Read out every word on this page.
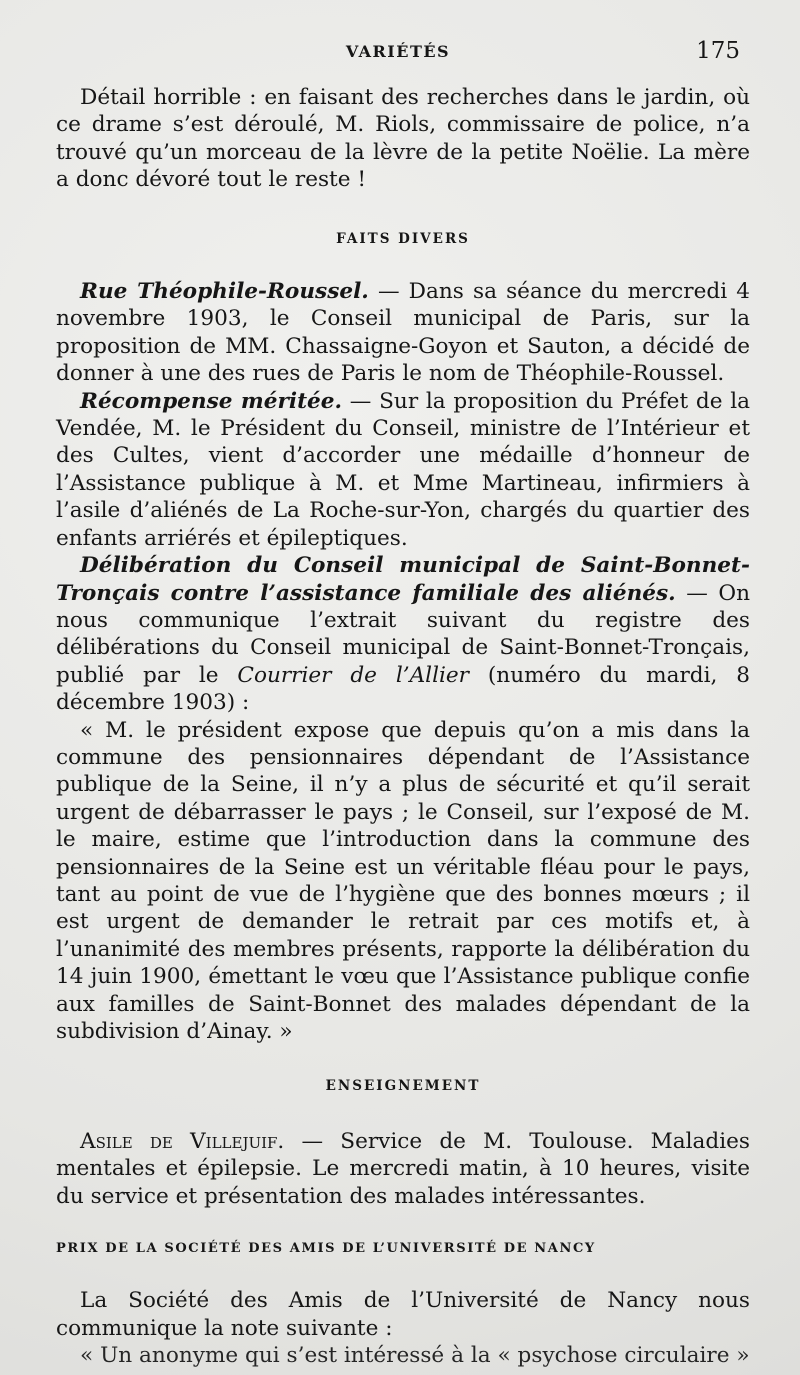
VARIÉTÉS	175

Détail horrible : en faisant des recherches dans le jardin, où ce drame s’est déroulé, M. Riols, commissaire de police, n’a trouvé qu’un morceau de la lèvre de la petite Noëlie. La mère a donc dévoré tout le reste !

FAITS DIVERS

Rue Théophile-Roussel. — Dans sa séance du mercredi 4 novembre 1903, le Conseil municipal de Paris, sur la proposition de MM. Chassaigne-Goyon et Sauton, a décidé de donner à une des rues de Paris le nom de Théophile-Roussel.

Récompense méritée. — Sur la proposition du Préfet de la Vendée, M. le Président du Conseil, ministre de l’Intérieur et des Cultes, vient d’accorder une médaille d’honneur de l’Assistance publique à M. et Mme Martineau, infirmiers à l’asile d’aliénés de La Roche-sur-Yon, chargés du quartier des enfants arriérés et épileptiques.

Délibération du Conseil municipal de Saint-Bonnet-Tronçais contre l’assistance familiale des aliénés. — On nous communique l’extrait suivant du registre des délibérations du Conseil municipal de Saint-Bonnet-Tronçais, publié par le Courrier de l’Allier (numéro du mardi, 8 décembre 1903) :

« M. le président expose que depuis qu’on a mis dans la commune des pensionnaires dépendant de l’Assistance publique de la Seine, il n’y a plus de sécurité et qu’il serait urgent de débarrasser le pays ; le Conseil, sur l’exposé de M. le maire, estime que l’introduction dans la commune des pensionnaires de la Seine est un véritable fléau pour le pays, tant au point de vue de l’hygiène que des bonnes mœurs ; il est urgent de demander le retrait par ces motifs et, à l’unanimité des membres présents, rapporte la délibération du 14 juin 1900, émettant le vœu que l’Assistance publique confie aux familles de Saint-Bonnet des malades dépendant de la subdivision d’Ainay. »

ENSEIGNEMENT

Asile de Villejuif. — Service de M. Toulouse. Maladies mentales et épilepsie. Le mercredi matin, à 10 heures, visite du service et présentation des malades intéressantes.

PRIX DE LA SOCIÉTÉ DES AMIS DE L’UNIVERSITÉ DE NANCY

La Société des Amis de l’Université de Nancy nous communique la note suivante :

« Un anonyme qui s’est intéressé à la « psychose circulaire »
